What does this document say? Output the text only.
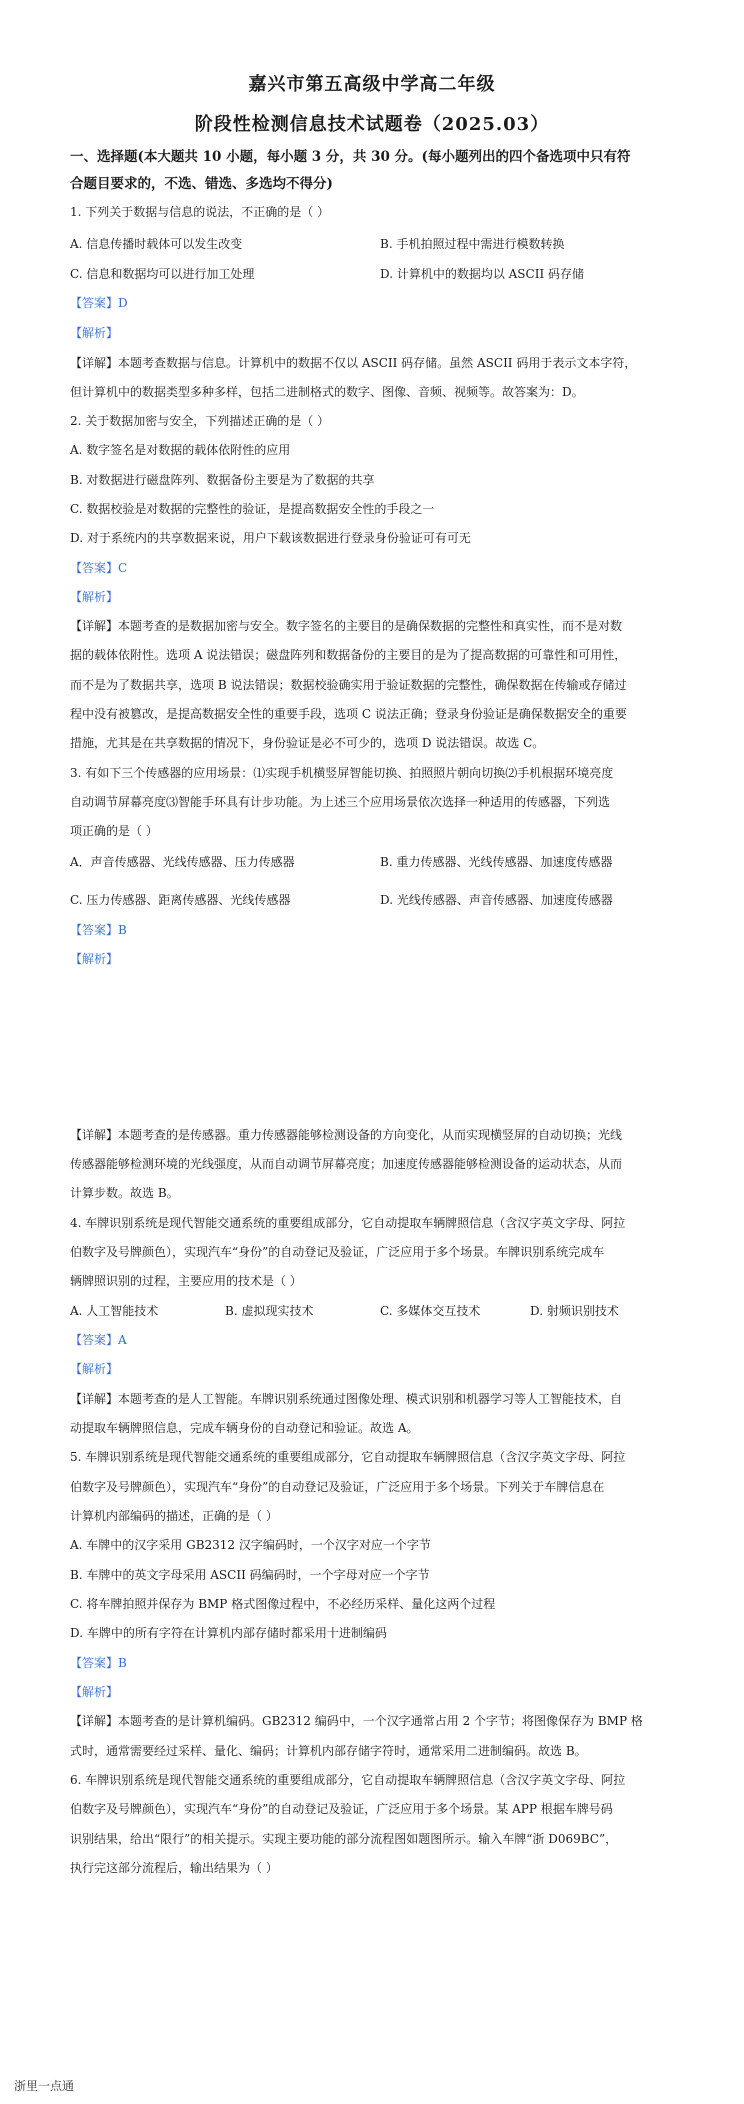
嘉兴市第五高级中学高二年级
阶段性检测信息技术试题卷（2025.03）
一、选择题(本大题共 10 小题，每小题 3 分，共 30 分。(每小题列出的四个备选项中只有符
合题目要求的，不选、错选、多选均不得分)
1. 下列关于数据与信息的说法，不正确的是（ ）
A. 信息传播时载体可以发生改变	B. 手机拍照过程中需进行模数转换
C. 信息和数据均可以进行加工处理	D. 计算机中的数据均以 ASCII 码存储
【答案】D
【解析】
【详解】本题考查数据与信息。计算机中的数据不仅以 ASCII 码存储。虽然 ASCII 码用于表示文本字符，
但计算机中的数据类型多种多样，包括二进制格式的数字、图像、音频、视频等。故答案为：D。
2. 关于数据加密与安全，下列描述正确的是（ ）
A. 数字签名是对数据的载体依附性的应用
B. 对数据进行磁盘阵列、数据备份主要是为了数据的共享
C. 数据校验是对数据的完整性的验证，是提高数据安全性的手段之一
D. 对于系统内的共享数据来说，用户下载该数据进行登录身份验证可有可无
【答案】C
【解析】
【详解】本题考查的是数据加密与安全。数字签名的主要目的是确保数据的完整性和真实性，而不是对数
据的载体依附性。选项 A 说法错误；磁盘阵列和数据备份的主要目的是为了提高数据的可靠性和可用性，
而不是为了数据共享，选项 B 说法错误；数据校验确实用于验证数据的完整性，确保数据在传输或存储过
程中没有被篡改，是提高数据安全性的重要手段，选项 C 说法正确；登录身份验证是确保数据安全的重要
措施，尤其是在共享数据的情况下，身份验证是必不可少的，选项 D 说法错误。故选 C。
3. 有如下三个传感器的应用场景：⑴实现手机横竖屏智能切换、拍照照片朝向切换⑵手机根据环境亮度
自动调节屏幕亮度⑶智能手环具有计步功能。为上述三个应用场景依次选择一种适用的传感器，下列选
项正确的是（ ）
A．声音传感器、光线传感器、压力传感器	B. 重力传感器、光线传感器、加速度传感器
C. 压力传感器、距离传感器、光线传感器	D. 光线传感器、声音传感器、加速度传感器
【答案】B
【解析】
【详解】本题考查的是传感器。重力传感器能够检测设备的方向变化，从而实现横竖屏的自动切换；光线
传感器能够检测环境的光线强度，从而自动调节屏幕亮度；加速度传感器能够检测设备的运动状态，从而
计算步数。故选 B。
4. 车牌识别系统是现代智能交通系统的重要组成部分，它自动提取车辆牌照信息（含汉字英文字母、阿拉
伯数字及号牌颜色），实现汽车“身份”的自动登记及验证，广泛应用于多个场景。车牌识别系统完成车
辆牌照识别的过程，主要应用的技术是（ ）
A. 人工智能技术	B. 虚拟现实技术	C. 多媒体交互技术	D. 射频识别技术
【答案】A
【解析】
【详解】本题考查的是人工智能。车牌识别系统通过图像处理、模式识别和机器学习等人工智能技术，自
动提取车辆牌照信息，完成车辆身份的自动登记和验证。故选 A。
5. 车牌识别系统是现代智能交通系统的重要组成部分，它自动提取车辆牌照信息（含汉字英文字母、阿拉
伯数字及号牌颜色），实现汽车“身份”的自动登记及验证，广泛应用于多个场景。下列关于车牌信息在
计算机内部编码的描述，正确的是（ ）
A. 车牌中的汉字采用 GB2312 汉字编码时，一个汉字对应一个字节
B. 车牌中的英文字母采用 ASCII 码编码时，一个字母对应一个字节
C. 将车牌拍照并保存为 BMP 格式图像过程中，不必经历采样、量化这两个过程
D. 车牌中的所有字符在计算机内部存储时都采用十进制编码
【答案】B
【解析】
【详解】本题考查的是计算机编码。GB2312 编码中，一个汉字通常占用 2 个字节；将图像保存为 BMP 格
式时，通常需要经过采样、量化、编码；计算机内部存储字符时，通常采用二进制编码。故选 B。
6. 车牌识别系统是现代智能交通系统的重要组成部分，它自动提取车辆牌照信息（含汉字英文字母、阿拉
伯数字及号牌颜色），实现汽车“身份”的自动登记及验证，广泛应用于多个场景。某 APP 根据车牌号码
识别结果，给出“限行”的相关提示。实现主要功能的部分流程图如题图所示。输入车牌“浙 D069BC”，
执行完这部分流程后，输出结果为（ ）
浙里一点通
